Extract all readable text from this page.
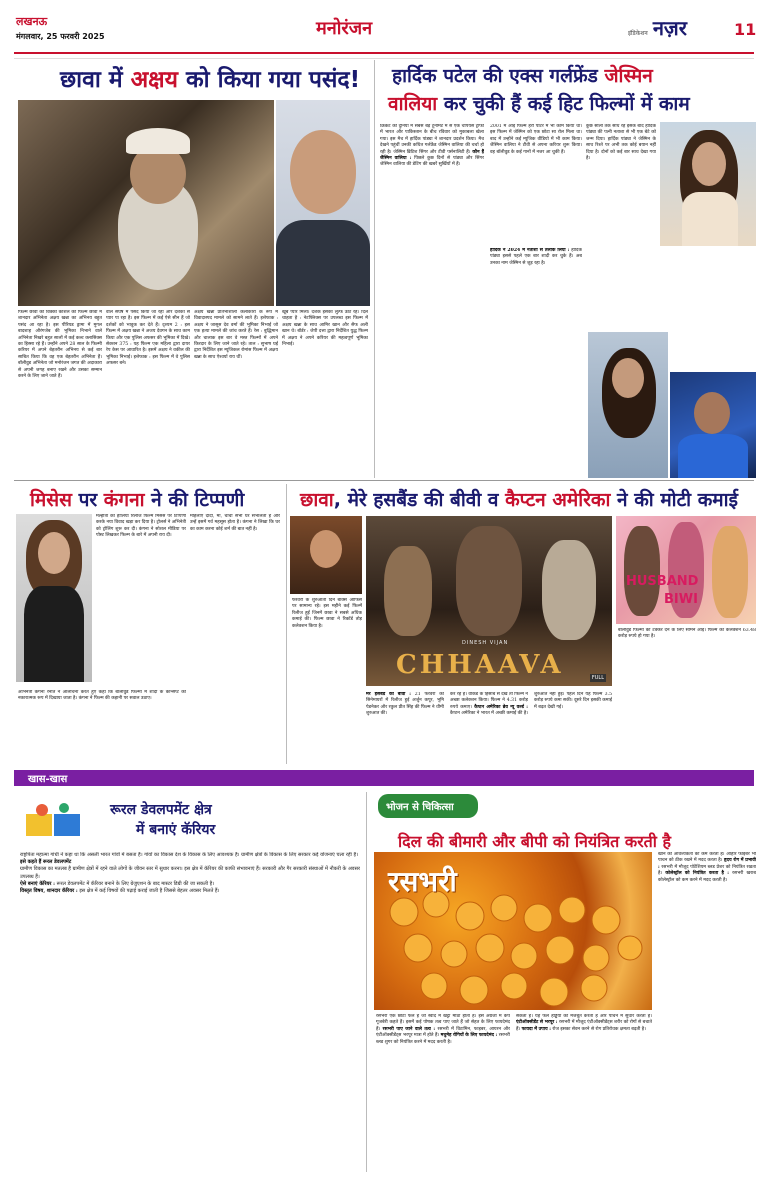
लखनऊ
मंगलवार, 25 फरवरी 2025	मनोरंजन	इंडिकेशन नज़र	11
छावा में अक्षय को किया गया पसंद!
फिल्म छावा को विक्की कौशल की फिल्म छावा में शानदार अभिनेता अक्षय खन्ना का अभिनय बहुत पसंद आ रहा है। इस पीरियड ड्रामा में मुगल बादशाह औरंगजेब की भूमिका निभाने वाले अभिनेता निखरे बहुत सालों में कई कल्ट क्लासिक्स का हिस्सा रहे हैं। उन्होंने अपने 28 साल के फिल्मी करियर में अपने बेहतरीन अभिनय से कई बार साबित किया कि वह एक बेहतरीन अभिनेता हैं। बॉलीवुड अभिनेता जो मनोरंजन जगत की अदाकारा से अपनी जगह बनाए रखने और उसका सम्मान करने के लिए जाने जाते हैं।
वाले संघर्ष में पसंद किया जा रहा और दर्शकों से प्यार पा रहा है। इस फिल्म में कई ऐसे सीन हैं जो दर्शकों को भावुक कर देते हैं। दृश्यम 2 : इस फिल्म में अक्षय खन्ना ने अजय देवगन के साथ काम किया और एक पुलिस अफसर की भूमिका में दिखे। सेक्शन 375 : यह फिल्म एक महिला द्वारा दायर रेप केस पर आधारित है। इसमें अक्षय ने वकील की भूमिका निभाई। इत्तेफाक : इस फिल्म में वे पुलिस अफसर बने।
अक्षय खन्ना प्रतिभाशाली कलाकारों के रूप में विवादास्पद मामले को सामने लाते हैं। इत्तेफाक : अक्षय ने जासूस देव वर्मा की भूमिका निभाई जो एक हत्या मामले की जांच करते हैं। रेस : बुद्धिमान और चालाक इस बार वे मस्त फिल्मों में अपने किरदार के लिए जाने जाते रहे। ताल : सुभाष घई द्वारा निर्देशित इस म्यूजिकल रोमांस फिल्म में अक्षय खन्ना के साथ ऐश्वर्या राय थीं।
खूब प्यार मिला। दर्शक इसका लुत्फ उठा रहे। दिल चाहता है : नेटफ्लिक्स पर उपलब्ध इस फिल्म में अक्षय खन्ना के साथ आमिर खान और सैफ अली खान थे। बॉर्डर : जेपी दत्ता द्वारा निर्देशित युद्ध फिल्म में अक्षय ने अपने करियर की महत्वपूर्ण भूमिका निभाई।
हार्दिक पटेल की एक्स गर्लफ्रेंड जेस्मिन
वालिया कर चुकी हैं कई हिट फिल्मों में काम
क्रिकेट की दुनिया में सबसे बड़े टूर्नामेंट में से एक चैंपियंस ट्रॉफी में भारत और पाकिस्तान के बीच रविवार को मुकाबला खेला गया। इस मैच में हार्दिक पांड्या ने शानदार प्रदर्शन किया। मैच देखने पहुंचीं उनकी कथित गर्लफ्रेंड जेस्मिन वालिया की चर्चा हो रही है। जेस्मिन ब्रिटिश सिंगर और टीवी पर्सनालिटी हैं। कौन हैं जैस्मिन वालिया : पिछले कुछ दिनों से पांड्या और सिंगर जेस्मिन वालिया की डेटिंग की खबरें सुर्खियों में हैं।
2001 में आई फिल्म हैरी पॉटर में भी काम किया था। इस फिल्म में जेस्मिन को एक छोटा सा रोल मिला था। बाद में उन्होंने कई म्यूजिक वीडियो में भी काम किया। जैस्मिन वालिया ने टीवी से अपना करियर शुरू किया। वह बॉलीवुड के कई गानों में नजर आ चुकी हैं।
हार्दिक ने 2024 में नताशा से तलाक लिया : हार्दिक पांड्या इससे पहले एक बार शादी कर चुके हैं। अब उनका नाम जेस्मिन से जुड़ रहा है।
कुछ सालों तक साथ रहे इसके बाद हार्दिक पांड्या की पत्नी नताशा से भी एक बेटे को जन्म दिया। हार्दिक पांड्या ने जेस्मिन के साथ रिश्ते पर अभी तक कोई बयान नहीं दिया है। दोनों को कई बार साथ देखा गया है।
मिसेस पर कंगना ने की टिप्पणी
मल्होत्रा की हालिया रिलीज फिल्म मिसेस पर टिप्पणी करके नया विवाद खड़ा कर दिया है। ट्रोलर्स ने अभिनेत्री को ट्रोलिंग शुरू कर दी। कंगना ने सोशल मीडिया पर पोस्ट लिखकर फिल्म के बारे में अपनी राय दी।
महिलाएं दादी, माँ, चाची सभी घर संभालती हैं और उन्हें इसमें गर्व महसूस होता है। कंगना ने लिखा कि घर का काम करना कोई शर्म की बात नहीं है।
अभिनेत्री कंगना रनौत ने आलोचना करते हुए कहा कि बॉलीवुड फिल्मों में शादी के कॉन्सेप्ट को नकारात्मक रूप में दिखाया जाता है। कंगना ने फिल्म की कहानी पर सवाल उठाए।
छावा, मेरे हसबैंड की बीवी व कैप्टन अमेरिका ने की मोटी कमाई
फरवरी के शुरुआती दिन बॉक्स ऑफिस पर सामान्य रहे। इस महीने कई फिल्में रिलीज हुईं जिनमें छावा ने सबसे अधिक कमाई की। फिल्म छावा ने रिकॉर्ड तोड़ कलेक्शन किया है।
DINESH VIJAN
CHHAAVA	FULL
HUSBAND
BIWI
मेरे हसबैंड की बीवी : 21 फरवरी को सिनेमाघरों में रिलीज हुई अर्जुन कपूर, भूमि पेडनेकर और रकुल प्रीत सिंह की फिल्म ने धीमी शुरुआत की।
कर रहे हैं। वीकेंड के हिसाब से देखें तो फिल्म ने अच्छा कलेक्शन किया। फिल्म ने 4.31 करोड़ रुपये कमाए। कैप्टन अमेरिका ब्रेव न्यू वर्ल्ड : कैप्टन अमेरिका ने भारत में अच्छी कमाई की है।
शुरुआत नहीं हुई। पहले दिन यह फिल्म 3.5 करोड़ रुपये कमा सकी। दूसरे दिन इसकी कमाई में बढ़त देखी गई।
बॉलीवुड फिल्मों को टक्कर देने के लिए सामने आई। फिल्म का कलेक्शन 63.48 करोड़ रुपये हो गया है।
खास-खास
रूरल डेवलपमेंट क्षेत्र
में बनाएं कॅरियर
राष्ट्रपिता महात्मा गांधी ने कहा था कि असली भारत गांवों में बसता है। गांवों का विकास देश के विकास के लिए आवश्यक है। ग्रामीण क्षेत्रों के विकास के लिए सरकार कई योजनाएं चला रही है।
इसे कहते हैं रूरल डेवलपमेंट
ग्रामीण विकास का मतलब है ग्रामीण क्षेत्रों में रहने वाले लोगों के जीवन स्तर में सुधार करना। इस क्षेत्र में कॅरियर की काफी संभावनाएं हैं। सरकारी और गैर सरकारी संस्थाओं में नौकरी के अवसर उपलब्ध हैं।
ऐसे बनाएं कॅरियर : रूरल डेवलपमेंट में कॅरियर बनाने के लिए ग्रेजुएशन के बाद मास्टर डिग्री की जा सकती है।
विस्तृत विषय, शानदार कॅरियर : इस क्षेत्र में कई विषयों की पढ़ाई कराई जाती है जिससे बेहतर अवसर मिलते हैं।
भोजन से चिकित्सा
दिल की बीमारी और बीपी को नियंत्रित करती है
रसभरी
रसभरी एक छोटा फल है जो स्वाद में खट्टा मीठा होता है। इसे अंग्रेजी में केप गूजबेरी कहते हैं। इसमें कई पोषक तत्व पाए जाते हैं जो सेहत के लिए फायदेमंद हैं। रसभरी पाए जाने वाले तत्व : रसभरी में विटामिन, फाइबर, आयरन और एंटीऑक्सीडेंट्स भरपूर मात्रा में होते हैं। मधुमेह रोगियों के लिए फायदेमंद : रसभरी ब्लड शुगर को नियंत्रित करने में मदद करती है।
सकता है। यह फल हड्डियों को मजबूत करता है और पाचन में सुधार करता है। एंटीऑक्सीडेंट से भरपूर : रसभरी में मौजूद एंटीऑक्सीडेंट्स शरीर को रोगों से बचाते हैं। फायदा में उपाय : रोज इसका सेवन करने से रोग प्रतिरोधक क्षमता बढ़ती है।
खाने की आवश्यकता को कम करता है। आहार फाइबर भी पाचन को ठीक रखने में मदद करता है। हृदय रोग में प्रभावी : रसभरी में मौजूद पोटैशियम ब्लड प्रेशर को नियंत्रित रखता है। कोलेस्ट्रॉल को नियंत्रित करता है : रसभरी खराब कोलेस्ट्रॉल को कम करने में मदद करती है।
